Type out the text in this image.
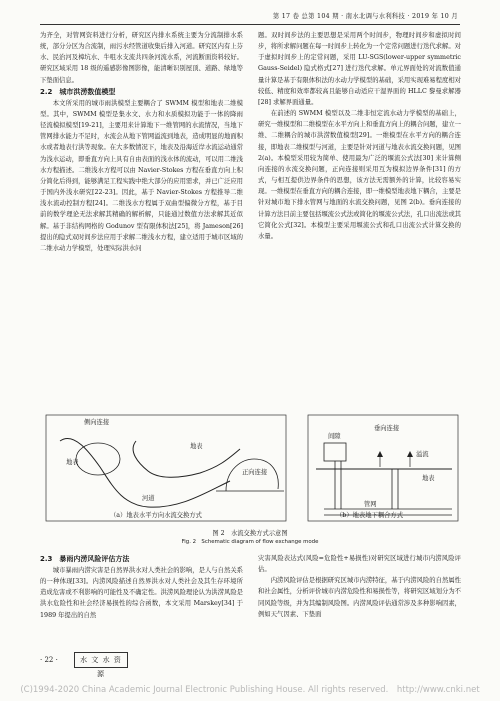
第 17 卷 总第 104 期 · 南水北调与水利科技 · 2019 年 10 月

为齐全，对管网资料进行分析，研究区内排水系统主要为分流制排水系统，部分分区为合流制，雨污水经管道收集后排入河道。研究区内有上芬水、民治河及樟坑水、牛咀水支流共四条河流水系，河流断面资料较好。研究区域采用 18 级的遥感影像图影像，能清晰识别屋顶、道路、绿地等下垫面信息。

2.2　城市洪涝数值模型

本文所采用的城市雨洪模型主要耦合了 SWMM 模型和地表二维模型。其中，SWMM 模型是集水文、水力和水质模拟功能于一体的降雨径流模拟模型[19-21]，主要用来计算地下一维管网的水流情况，当地下管网排水能力不足时，水流会从地下管网溢流到地表，造成明显的地面积水或者地表行洪等现象。在大多数情况下，地表及沿海近岸水流运动通常为浅水运动，即垂直方向上具有自由表面的浅水体的流动，可以用二维浅水方程描述。二维浅水方程可以由 Navier-Stokes 方程在垂直方向上积分简化后得到，能够满足工程实践中绝大部分的应用需求，并已广泛应用于国内外浅水研究[22-23]。因此，基于 Navier-Stokes 方程推导二维浅水流动控制方程[24]。二维浅水方程属于双曲型偏微分方程，基于目前的数学理论无法求解其精确的解析解，只能通过数值方法求解其近似解。基于非结构网格的 Godunov 型有限体积法[25]，将 Jameson[26] 提出的隐式双时间步法应用于求解二维浅水方程，建立适用于城市区域的二维水动力学模型，处理实际洪水问

题。双时间步法的主要思想是采用两个时间步，物理时间步和虚拟时间步，将所求解问题在每一时间步上转化为一个定常问题进行迭代求解。对于虚拟时间步上的定常问题，采用 LU-SGS(lower-upper symmetric Gauss-Seidel) 隐式格式[27] 进行迭代求解。单元界面处的对流数值通量计算是基于有限体积法的水动力学模型的基础，采用实现难易程度相对较低、精度和效率都较高且能够自动适应干湿界面的 HLLC 黎曼求解器[28] 求解界面通量。

在前述的 SWMM 模型以及二维非恒定流水动力学模型的基础上，研究一维模型和二维模型在水平方向上和垂直方向上的耦合问题，建立一维、二维耦合的城市洪涝数值模型[29]。一维模型在水平方向的耦合连接，即地表二维模型与河道，主要是针对河道与地表水流交换问题，见图 2(a)。本模型采用较为简单、使用最为广泛的堰流公式法[30] 来计算侧向连接的水流交换问题，正向连接则采用互为模拟边界条件[31] 的方式，与相互提供边界条件的思想，该方法无需额外的计算，比较容易实现。一维模型在垂直方向的耦合连接，即一维模型地表地下耦合，主要是针对城市地下排水管网与地面的水流交换问题，见图 2(b)。垂向连接的计算方法目前主要包括堰流公式法或简化的堰流公式法，孔口出流法或其它简化公式[32]。本模型主要采用堰流公式和孔口出流公式计算交换的水量。

侧向连接
地表
河道
地表
正向连接
间隙
垂向连接
溢流
地表
管网
（a）地表水平方向水流交换方式	（b）地表地下耦合方式
图 2　水流交换方式示意图
Fig. 2　Schematic diagram of flow exchange mode
2.3　暴雨内涝风险评估方法

城市暴雨内涝灾害是自然界洪水对人类社会的影响，是人与自然关系的一种体现[33]。内涝风险描述自然界洪水对人类社会及其生存环境所造成危害或不利影响的可能性及不确定性。洪涝风险理论认为洪涝风险是洪水危险性和社会经济易损性的综合函数，本文采用 Marskey[34] 于 1989 年提出的自然

灾害风险表达式(风险=危险性+易损性)对研究区域进行城市内涝风险评估。

内涝风险评估是根据研究区城市内涝特征，基于内涝风险的自然属性和社会属性，分析评价城市内涝危险性和易损性等，将研究区域划分为不同风险等级，并为其编制风险图。内涝风险评估通常涉及多种影响因素，例如天气因素、下垫面

· 22 ·	水 文 水 资 源
(C)1994-2020 China Academic Journal Electronic Publishing House. All rights reserved.　http://www.cnki.net
